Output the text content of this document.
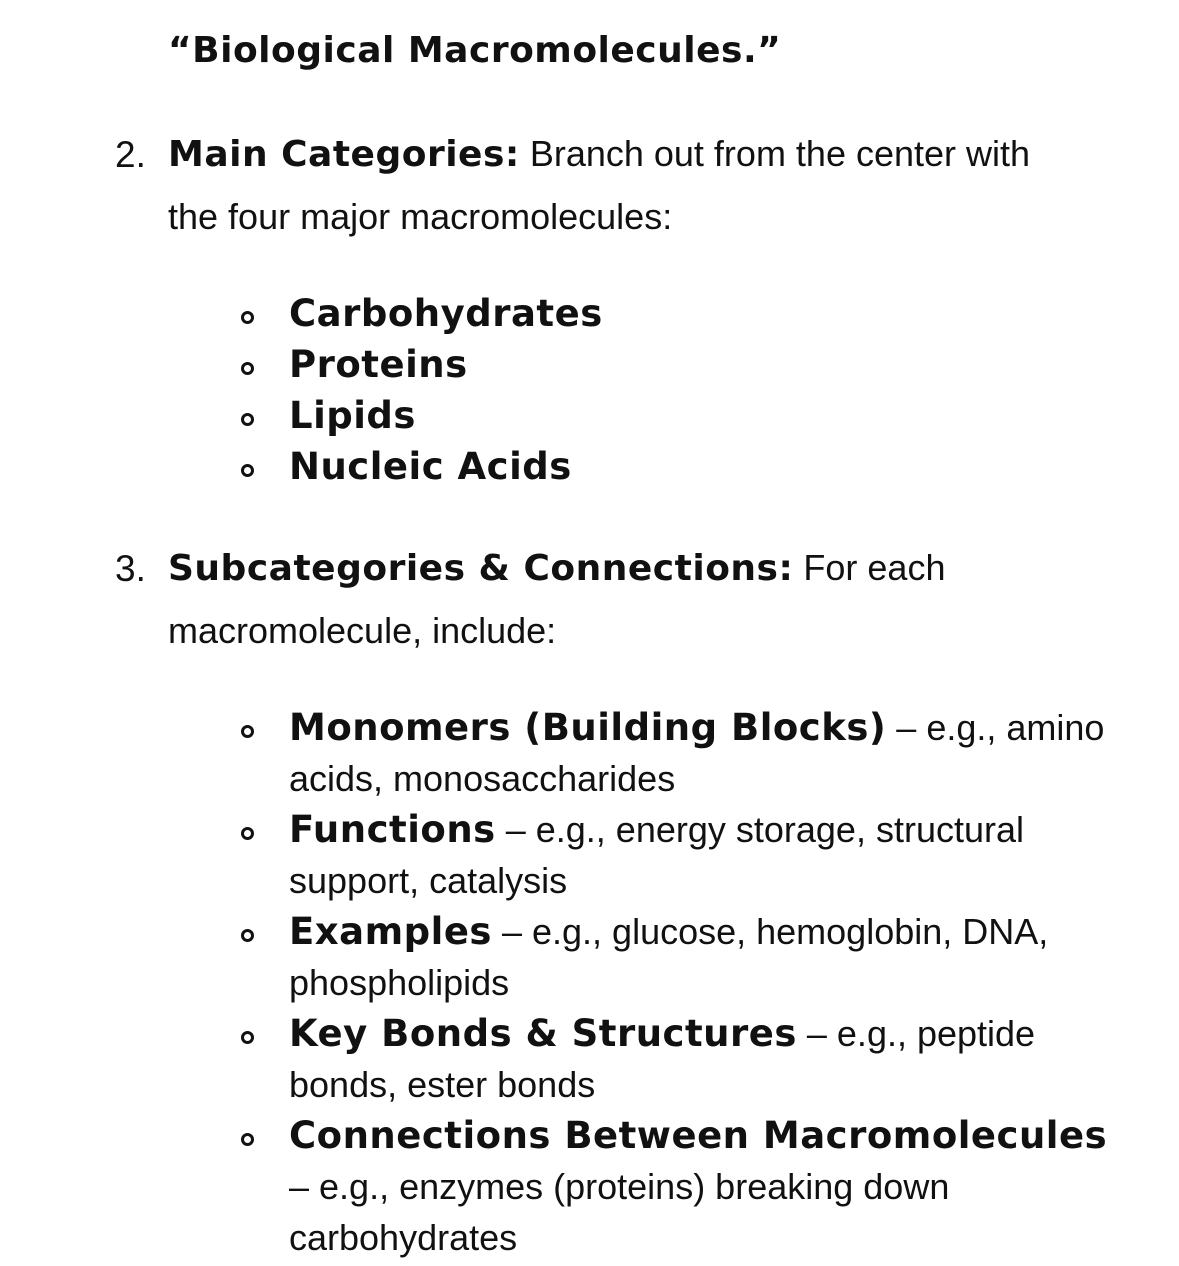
“Biological Macromolecules.”
2. Main Categories: Branch out from the center with
the four major macromolecules:
Carbohydrates
Proteins
Lipids
Nucleic Acids
3. Subcategories & Connections: For each
macromolecule, include:
Monomers (Building Blocks) – e.g., amino
acids, monosaccharides
Functions – e.g., energy storage, structural
support, catalysis
Examples – e.g., glucose, hemoglobin, DNA,
phospholipids
Key Bonds & Structures – e.g., peptide
bonds, ester bonds
Connections Between Macromolecules
– e.g., enzymes (proteins) breaking down
carbohydrates
